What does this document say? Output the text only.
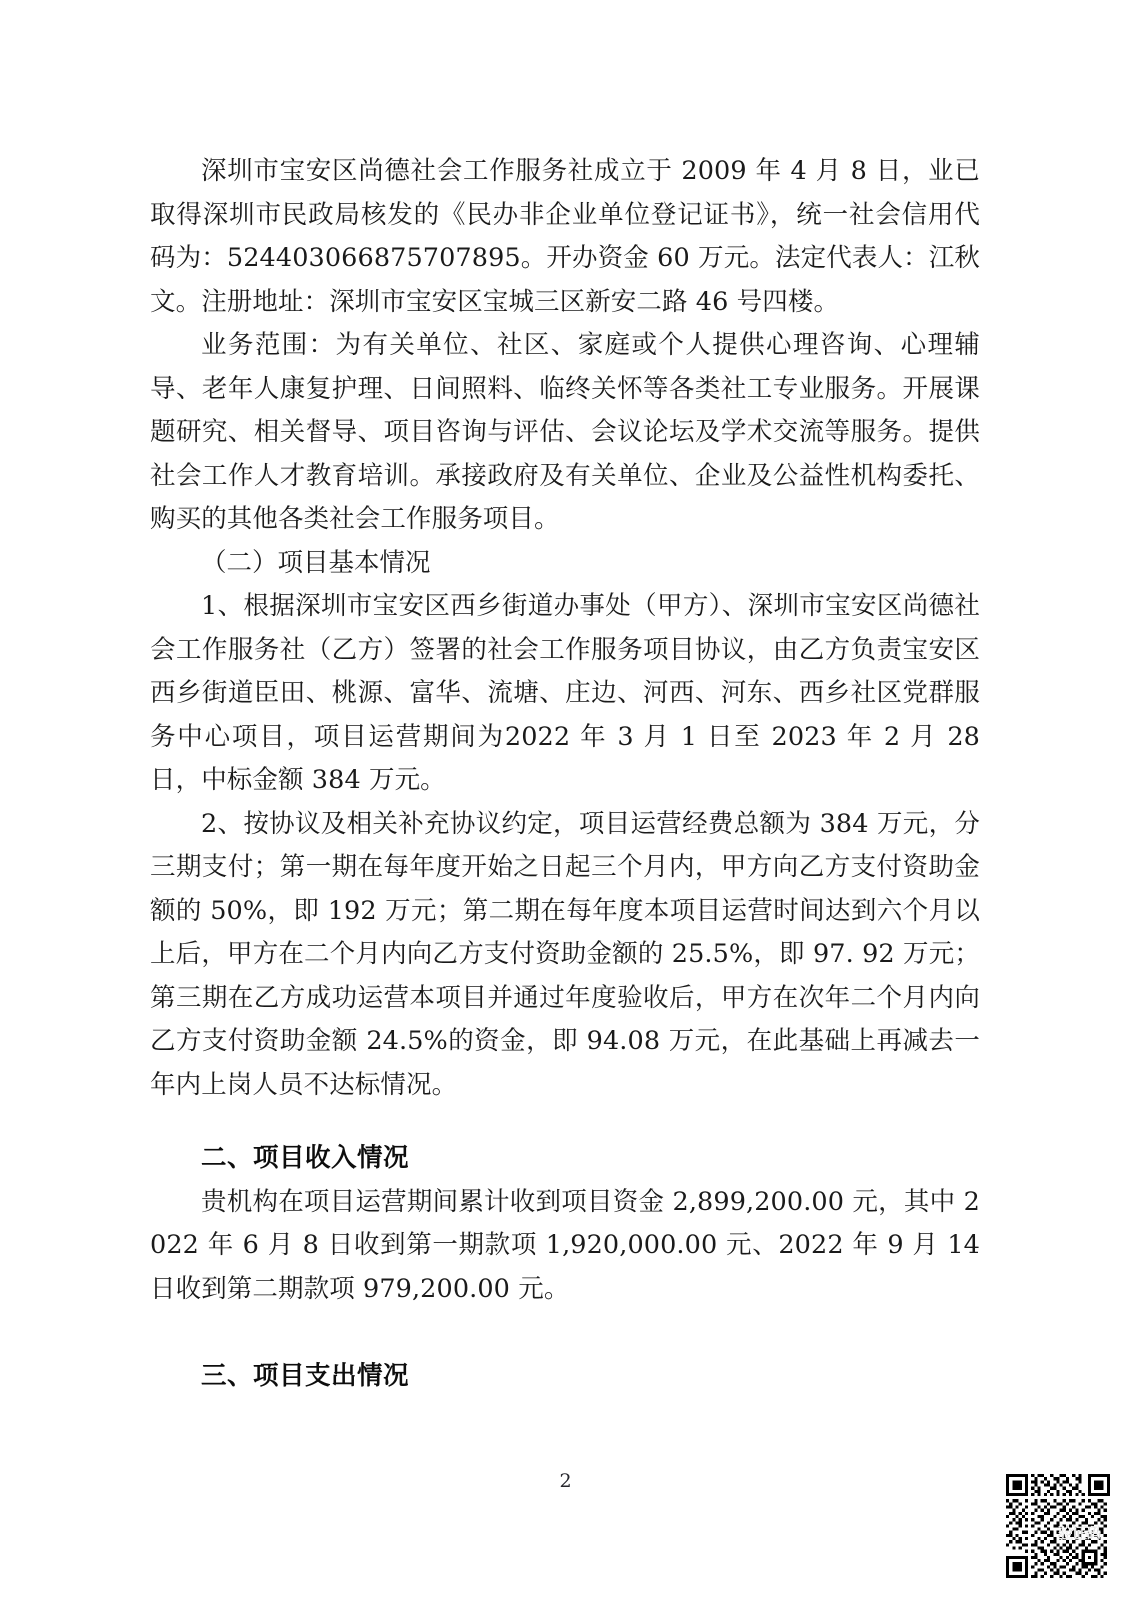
深圳市宝安区尚德社会工作服务社成立于 2009 年 4 月 8 日，业已取得深圳市民政局核发的《民办非企业单位登记证书》，统一社会信用代码为：524403066875707895。开办资金 60 万元。法定代表人：江秋文。注册地址：深圳市宝安区宝城三区新安二路 46 号四楼。

业务范围：为有关单位、社区、家庭或个人提供心理咨询、心理辅导、老年人康复护理、日间照料、临终关怀等各类社工专业服务。开展课题研究、相关督导、项目咨询与评估、会议论坛及学术交流等服务。提供社会工作人才教育培训。承接政府及有关单位、企业及公益性机构委托、购买的其他各类社会工作服务项目。

（二）项目基本情况

1、根据深圳市宝安区西乡街道办事处（甲方）、深圳市宝安区尚德社会工作服务社（乙方）签署的社会工作服务项目协议，由乙方负责宝安区西乡街道臣田、桃源、富华、流塘、庄边、河西、河东、西乡社区党群服务中心项目，项目运营期间为2022 年 3 月 1 日至 2023 年 2 月 28 日，中标金额 384 万元。

2、按协议及相关补充协议约定，项目运营经费总额为 384 万元，分三期支付；第一期在每年度开始之日起三个月内，甲方向乙方支付资助金额的 50%，即 192 万元；第二期在每年度本项目运营时间达到六个月以上后，甲方在二个月内向乙方支付资助金额的 25.5%，即 97. 92 万元；第三期在乙方成功运营本项目并通过年度验收后，甲方在次年二个月内向乙方支付资助金额 24.5%的资金，即 94.08 万元，在此基础上再减去一年内上岗人员不达标情况。

二、项目收入情况

贵机构在项目运营期间累计收到项目资金 2,899,200.00 元，其中 2022 年 6 月 8 日收到第一期款项 1,920,000.00 元、2022 年 9 月 14 日收到第二期款项 979,200.00 元。

三、项目支出情况

2
验证码
